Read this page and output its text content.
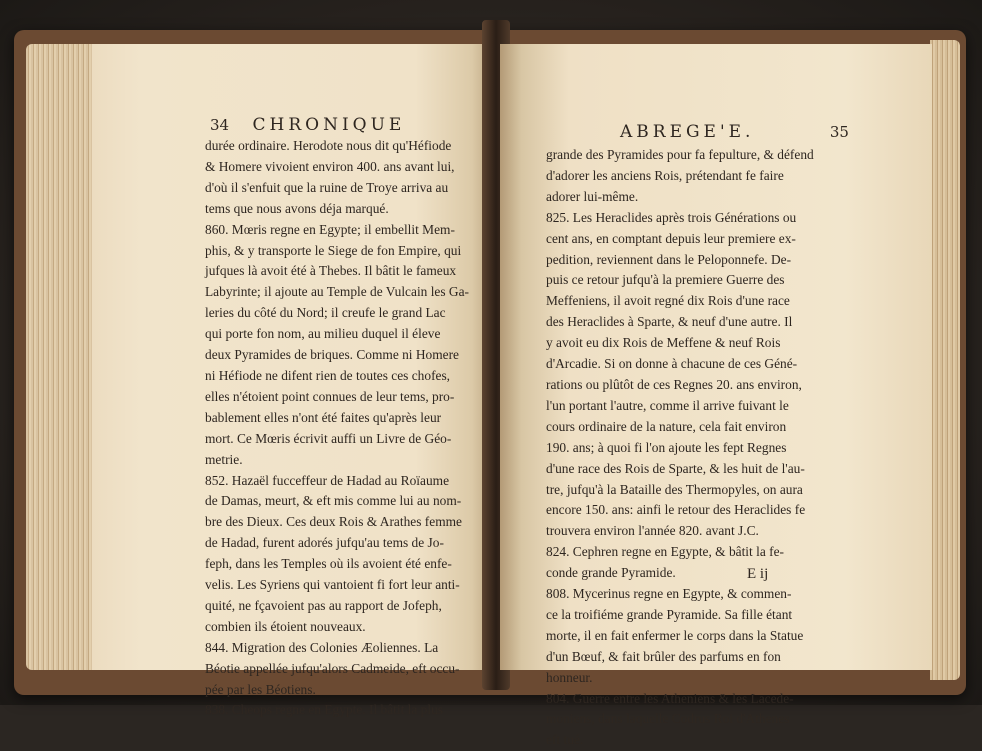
34 CHRONIQUE
durée ordinaire. Herodote nous dit qu'Héfiode
& Homere vivoient environ 400. ans avant lui,
d'où il s'enfuit que la ruine de Troye arriva au
tems que nous avons déja marqué.
860. Mœris regne en Egypte; il embellit Mem-
phis, & y transporte le Siege de fon Empire, qui
jufques là avoit été à Thebes. Il bâtit le fameux
Labyrinte; il ajoute au Temple de Vulcain les Ga-
leries du côté du Nord; il creufe le grand Lac
qui porte fon nom, au milieu duquel il éleve
deux Pyramides de briques. Comme ni Homere
ni Héfiode ne difent rien de toutes ces chofes,
elles n'étoient point connues de leur tems, pro-
bablement elles n'ont été faites qu'après leur
mort. Ce Mœris écrivit auffi un Livre de Géo-
metrie.
852. Hazaël fucceffeur de Hadad au Roïaume
de Damas, meurt, & eft mis comme lui au nom-
bre des Dieux. Ces deux Rois & Arathes femme
de Hadad, furent adorés jufqu'au tems de Jo-
feph, dans les Temples où ils avoient été enfe-
velis. Les Syriens qui vantoient fi fort leur anti-
quité, ne fçavoient pas au rapport de Jofeph,
combien ils étoient nouveaux.
844. Migration des Colonies Æoliennes. La
Béotie appellée jufqu'alors Cadmeide, eft occu-
pée par les Béotiens.
838. Cheops regne en Egypte. Il bâtit la plus
ABREGE'E.	35
grande des Pyramides pour fa fepulture, & défend
d'adorer les anciens Rois, prétendant fe faire
adorer lui-même.
825. Les Heraclides après trois Générations ou
cent ans, en comptant depuis leur premiere ex-
pedition, reviennent dans le Peloponnefe. De-
puis ce retour jufqu'à la premiere Guerre des
Meffeniens, il avoit regné dix Rois d'une race
des Heraclides à Sparte, & neuf d'une autre. Il
y avoit eu dix Rois de Meffene & neuf Rois
d'Arcadie. Si on donne à chacune de ces Géné-
rations ou plûtôt de ces Regnes 20. ans environ,
l'un portant l'autre, comme il arrive fuivant le
cours ordinaire de la nature, cela fait environ
190. ans; à quoi fi l'on ajoute les fept Regnes
d'une race des Rois de Sparte, & les huit de l'au-
tre, jufqu'à la Bataille des Thermopyles, on aura
encore 150. ans: ainfi le retour des Heraclides fe
trouvera environ l'année 820. avant J.C.
824. Cephren regne en Egypte, & bâtit la fe-
conde grande Pyramide.
808. Mycerinus regne en Egypte, & commen-
ce la troifiéme grande Pyramide. Sa fille étant
morte, il en fait enfermer le corps dans la Statue
d'un Bœuf, & fait brûler des parfums en fon
honneur.
804. Guerre entre les Atheniens & les Lacede-
moniens, dans laquelle Codrus Roi d'Athenes
eft tué.
E ij
